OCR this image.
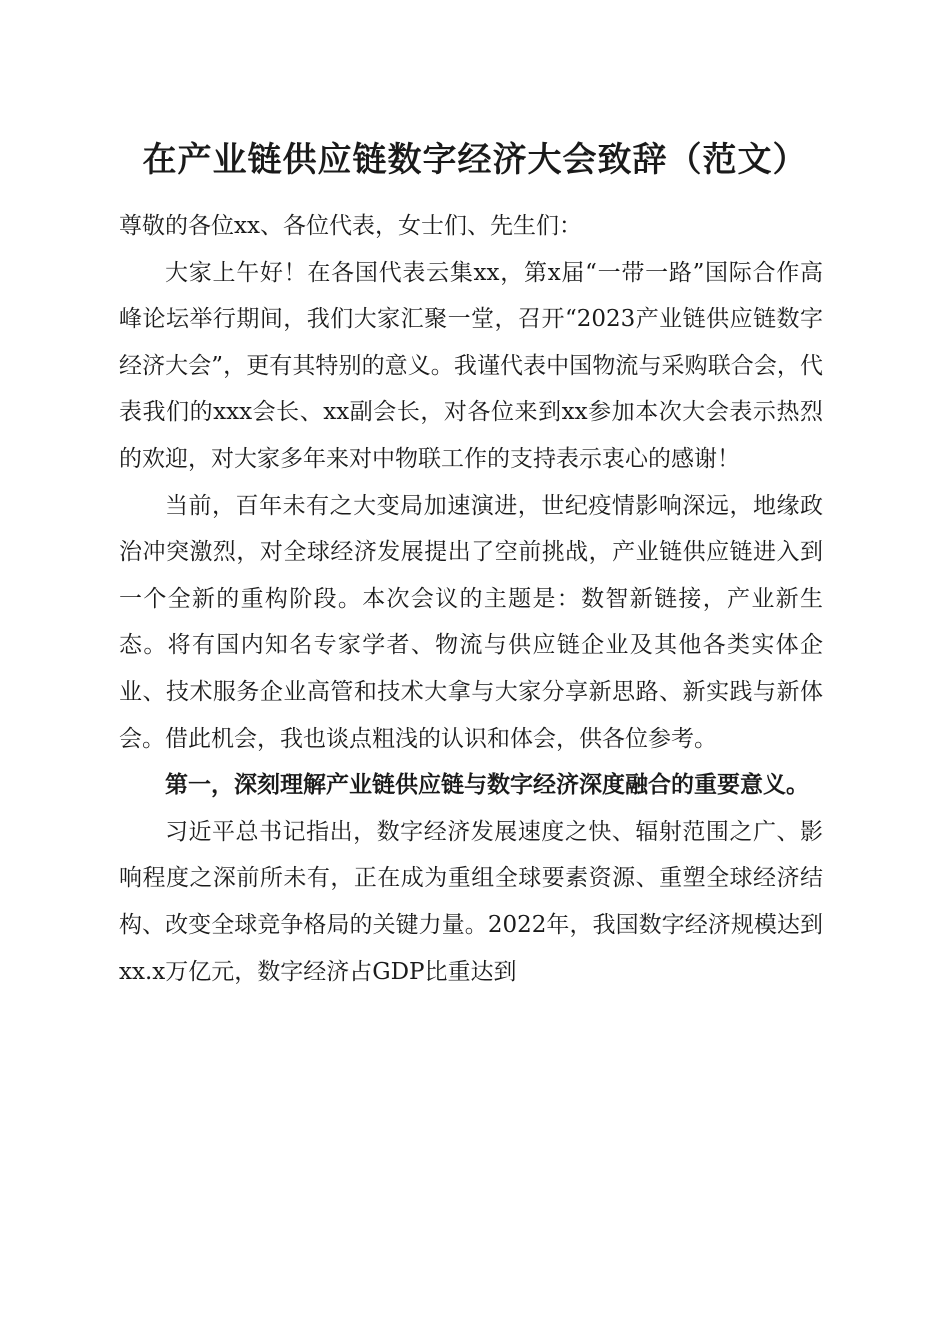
在产业链供应链数字经济大会致辞（范文）

尊敬的各位xx、各位代表，女士们、先生们：

大家上午好！在各国代表云集xx，第x届“一带一路”国际合作高峰论坛举行期间，我们大家汇聚一堂，召开“2023产业链供应链数字经济大会”，更有其特别的意义。我谨代表中国物流与采购联合会，代表我们的xxx会长、xx副会长，对各位来到xx参加本次大会表示热烈的欢迎，对大家多年来对中物联工作的支持表示衷心的感谢！

当前，百年未有之大变局加速演进，世纪疫情影响深远，地缘政治冲突激烈，对全球经济发展提出了空前挑战，产业链供应链进入到一个全新的重构阶段。本次会议的主题是：数智新链接，产业新生态。将有国内知名专家学者、物流与供应链企业及其他各类实体企业、技术服务企业高管和技术大拿与大家分享新思路、新实践与新体会。借此机会，我也谈点粗浅的认识和体会，供各位参考。

第一，深刻理解产业链供应链与数字经济深度融合的重要意义。

习近平总书记指出，数字经济发展速度之快、辐射范围之广、影响程度之深前所未有，正在成为重组全球要素资源、重塑全球经济结构、改变全球竞争格局的关键力量。2022年，我国数字经济规模达到xx.x万亿元，数字经济占GDP比重达到
